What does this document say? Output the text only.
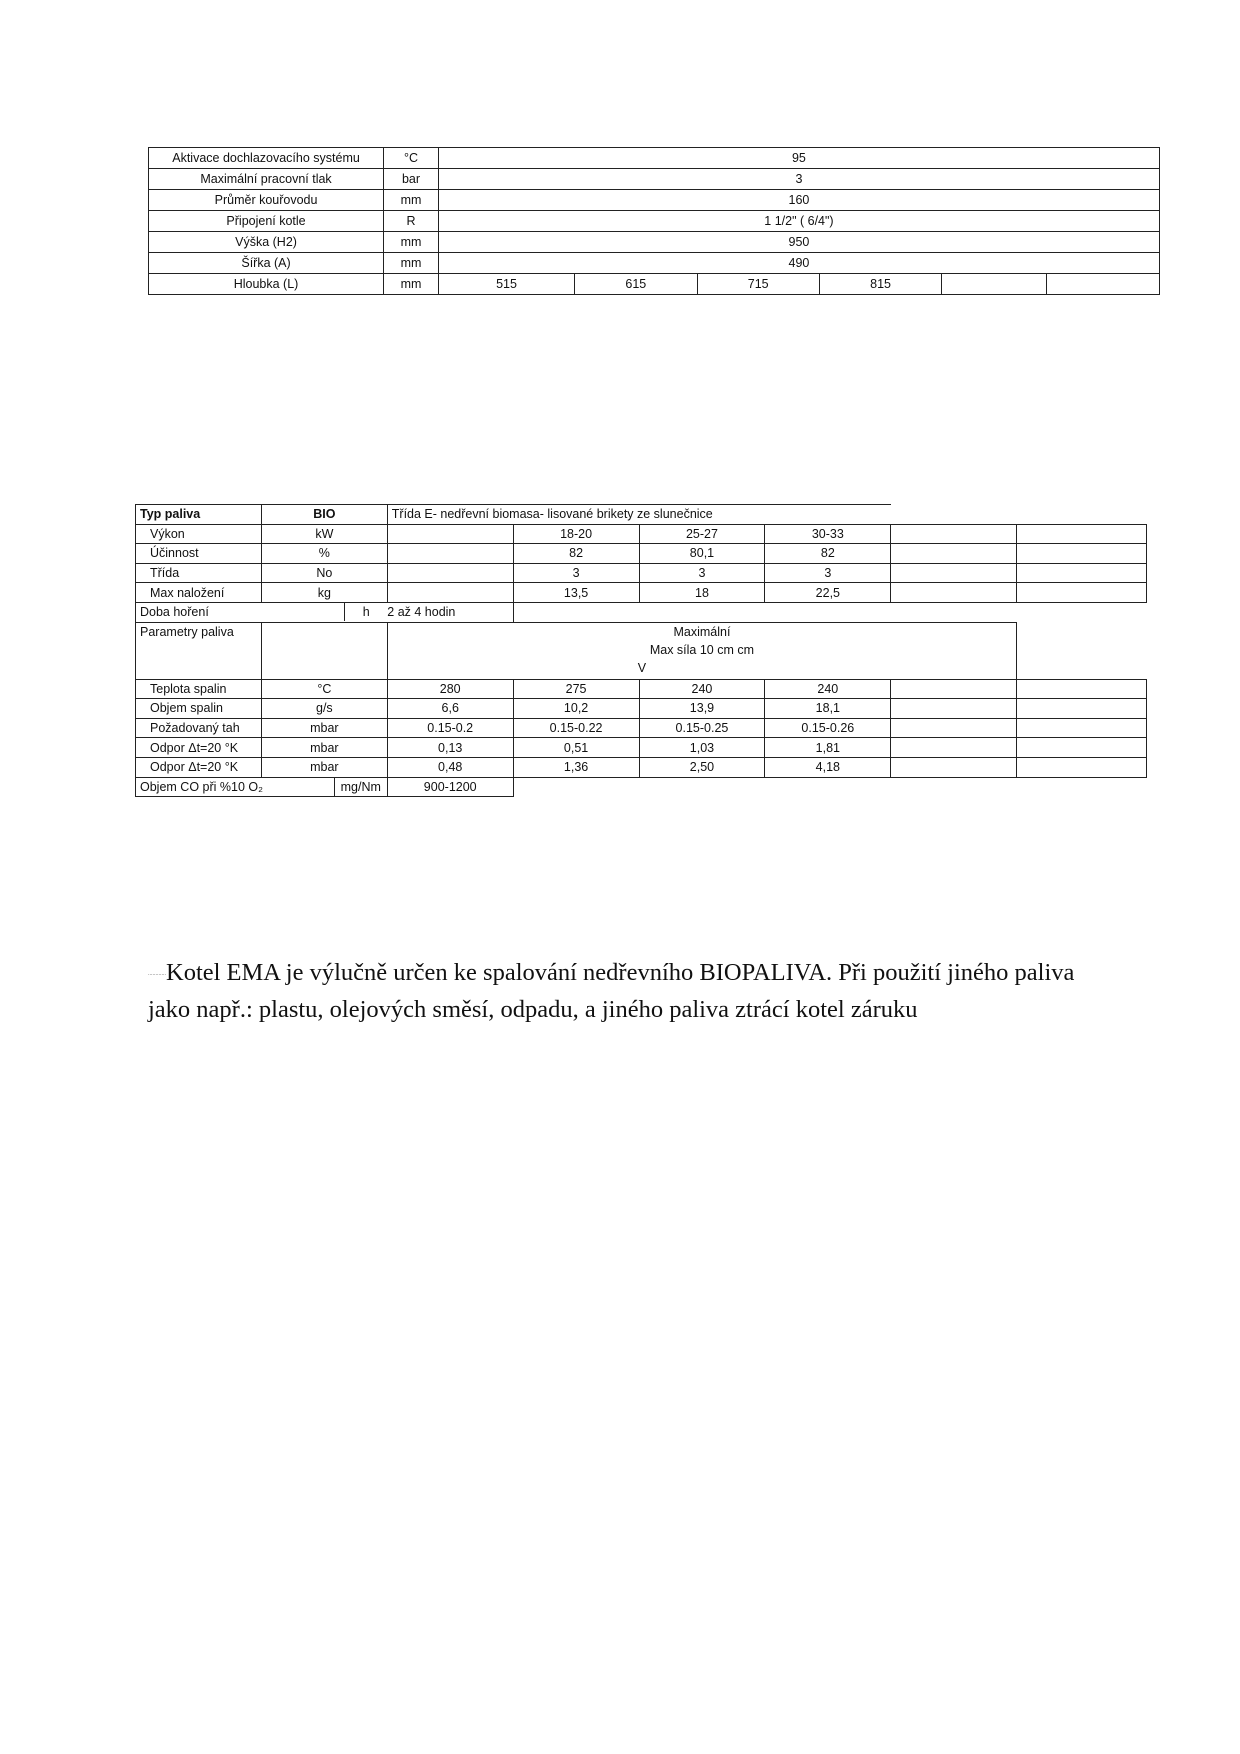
Aktivace dochlazovacího systému	°C	95					
Maximální pracovní tlak	bar	3					
Průměr kouřovodu	mm	160					
Připojení kotle	R	1 1/2" ( 6/4")					
Výška (H2)	mm	950					
Šířka (A)	mm	490					
Hloubka (L)	mm	515	615	715	815		
Typ paliva	BIO	Třída E- nedřevní biomasa- lisované brikety ze slunečnice					
Výkon	kW		18-20	25-27	30-33		
Účinnost	%		82	80,1	82		
Třída	No		3	3	3		
Max naložení	kg		13,5	18	22,5		
Doba hoření h		2 až 4 hodin					
Parametry paliva		Maximální
Max síla 10 cm cm
V					

Teplota spalin	°C	280	275	240	240		
Objem spalin	g/s	6,6	10,2	13,9	18,1		
Požadovaný tah	mbar	0.15-0.2	0.15-0.22	0.15-0.25	0.15-0.26		
Odpor Δt=20 °K	mbar	0,13	0,51	1,03	1,81		
Odpor Δt=20 °K	mbar	0,48	1,36	2,50	4,18		
Objem CO při %10 O₂ mg/Nm		900-1200					
............Kotel EMA je výlučně určen ke spalování nedřevního BIOPALIVA. Při použití jiného paliva
jako např.: plastu, olejových směsí, odpadu, a jiného paliva ztrácí kotel záruku
